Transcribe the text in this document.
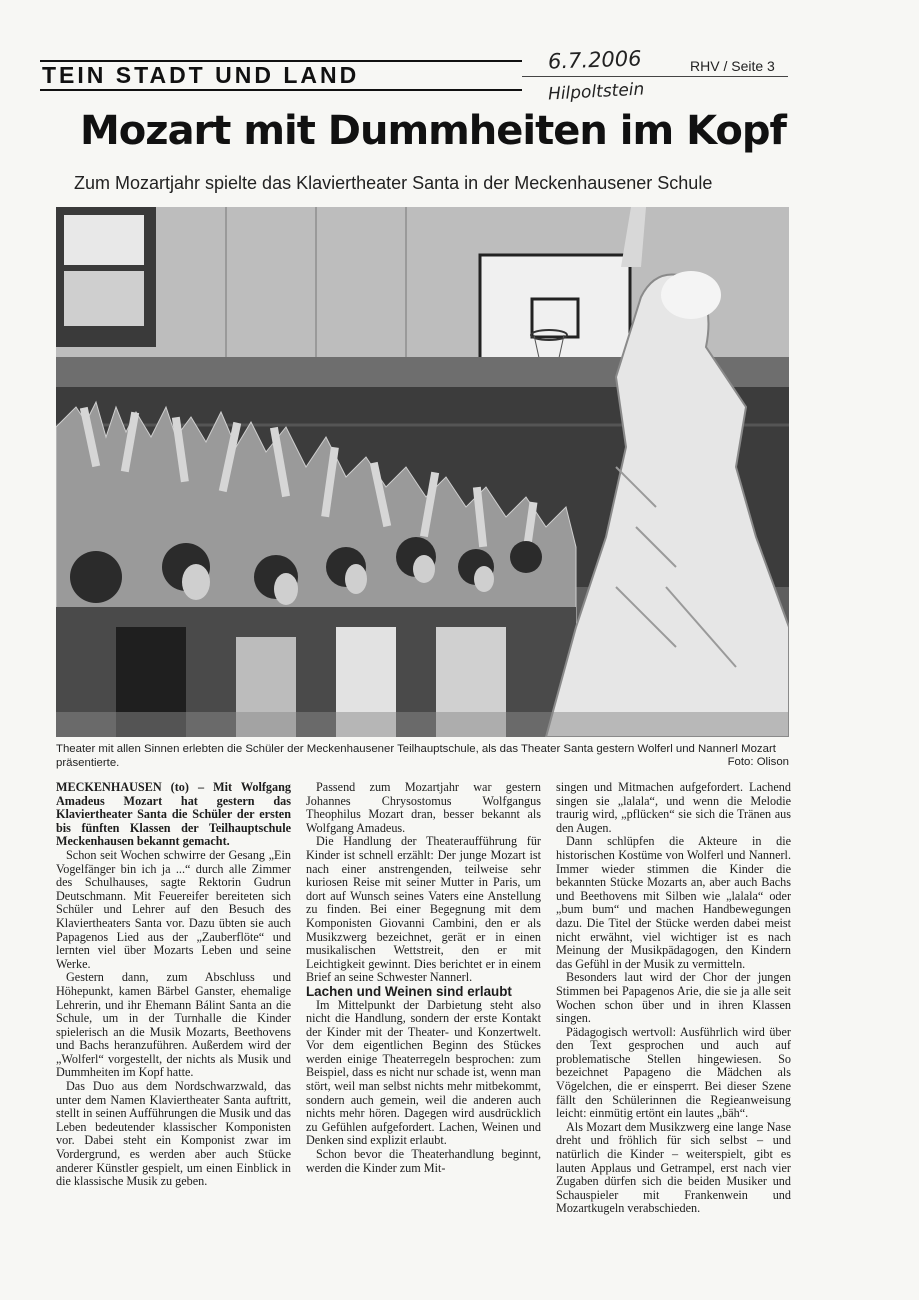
TEIN STADT UND LAND
6.7.2006	RHV / Seite 3
Hilpoltstein
Mozart mit Dummheiten im Kopf
Zum Mozartjahr spielte das Klaviertheater Santa in der Meckenhausener Schule
Theater mit allen Sinnen erlebten die Schüler der Meckenhausener Teilhauptschule, als das Theater Santa gestern Wolferl und Nannerl Mozart präsentierte.	Foto: Olison

MECKENHAUSEN (to) – Mit Wolfgang Amadeus Mozart hat gestern das Klaviertheater Santa die Schüler der ersten bis fünften Klassen der Teilhauptschule Meckenhausen bekannt gemacht.

Schon seit Wochen schwirre der Gesang „Ein Vogelfänger bin ich ja ...“ durch alle Zimmer des Schulhauses, sagte Rektorin Gudrun Deutschmann. Mit Feuereifer bereiteten sich Schüler und Lehrer auf den Besuch des Klaviertheaters Santa vor. Dazu übten sie auch Papagenos Lied aus der „Zauberflöte“ und lernten viel über Mozarts Leben und seine Werke.

Gestern dann, zum Abschluss und Höhepunkt, kamen Bärbel Ganster, ehemalige Lehrerin, und ihr Ehemann Bálint Santa an die Schule, um in der Turnhalle die Kinder spielerisch an die Musik Mozarts, Beethovens und Bachs heranzuführen. Außerdem wird der „Wolferl“ vorgestellt, der nichts als Musik und Dummheiten im Kopf hatte.

Das Duo aus dem Nordschwarzwald, das unter dem Namen Klaviertheater Santa auftritt, stellt in seinen Aufführungen die Musik und das Leben bedeutender klassischer Komponisten vor. Dabei steht ein Komponist zwar im Vordergrund, es werden aber auch Stücke anderer Künstler gespielt, um einen Einblick in die klassische Musik zu geben.

Passend zum Mozartjahr war gestern Johannes Chrysostomus Wolfgangus Theophilus Mozart dran, besser bekannt als Wolfgang Amadeus.

Die Handlung der Theateraufführung für Kinder ist schnell erzählt: Der junge Mozart ist nach einer anstrengenden, teilweise sehr kuriosen Reise mit seiner Mutter in Paris, um dort auf Wunsch seines Vaters eine Anstellung zu finden. Bei einer Begegnung mit dem Komponisten Giovanni Cambini, den er als Musikzwerg bezeichnet, gerät er in einen musikalischen Wettstreit, den er mit Leichtigkeit gewinnt. Dies berichtet er in einem Brief an seine Schwester Nannerl.

Lachen und Weinen sind erlaubt

Im Mittelpunkt der Darbietung steht also nicht die Handlung, sondern der erste Kontakt der Kinder mit der Theater- und Konzertwelt. Vor dem eigentlichen Beginn des Stückes werden einige Theaterregeln besprochen: zum Beispiel, dass es nicht nur schade ist, wenn man stört, weil man selbst nichts mehr mitbekommt, sondern auch gemein, weil die anderen auch nichts mehr hören. Dagegen wird ausdrücklich zu Gefühlen aufgefordert. Lachen, Weinen und Denken sind explizit erlaubt.

Schon bevor die Theaterhandlung beginnt, werden die Kinder zum Mit-

singen und Mitmachen aufgefordert. Lachend singen sie „lalala“, und wenn die Melodie traurig wird, „pflücken“ sie sich die Tränen aus den Augen.

Dann schlüpfen die Akteure in die historischen Kostüme von Wolferl und Nannerl. Immer wieder stimmen die Kinder die bekannten Stücke Mozarts an, aber auch Bachs und Beethovens mit Silben wie „lalala“ oder „bum bum“ und machen Handbewegungen dazu. Die Titel der Stücke werden dabei meist nicht erwähnt, viel wichtiger ist es nach Meinung der Musikpädagogen, den Kindern das Gefühl in der Musik zu vermitteln.

Besonders laut wird der Chor der jungen Stimmen bei Papagenos Arie, die sie ja alle seit Wochen schon über und in ihren Klassen singen.

Pädagogisch wertvoll: Ausführlich wird über den Text gesprochen und auch auf problematische Stellen hingewiesen. So bezeichnet Papageno die Mädchen als Vögelchen, die er einsperrt. Bei dieser Szene fällt den Schülerinnen die Regieanweisung leicht: einmütig ertönt ein lautes „bäh“.

Als Mozart dem Musikzwerg eine lange Nase dreht und fröhlich für sich selbst – und natürlich die Kinder – weiterspielt, gibt es lauten Applaus und Getrampel, erst nach vier Zugaben dürfen sich die beiden Musiker und Schauspieler mit Frankenwein und Mozartkugeln verabschieden.
